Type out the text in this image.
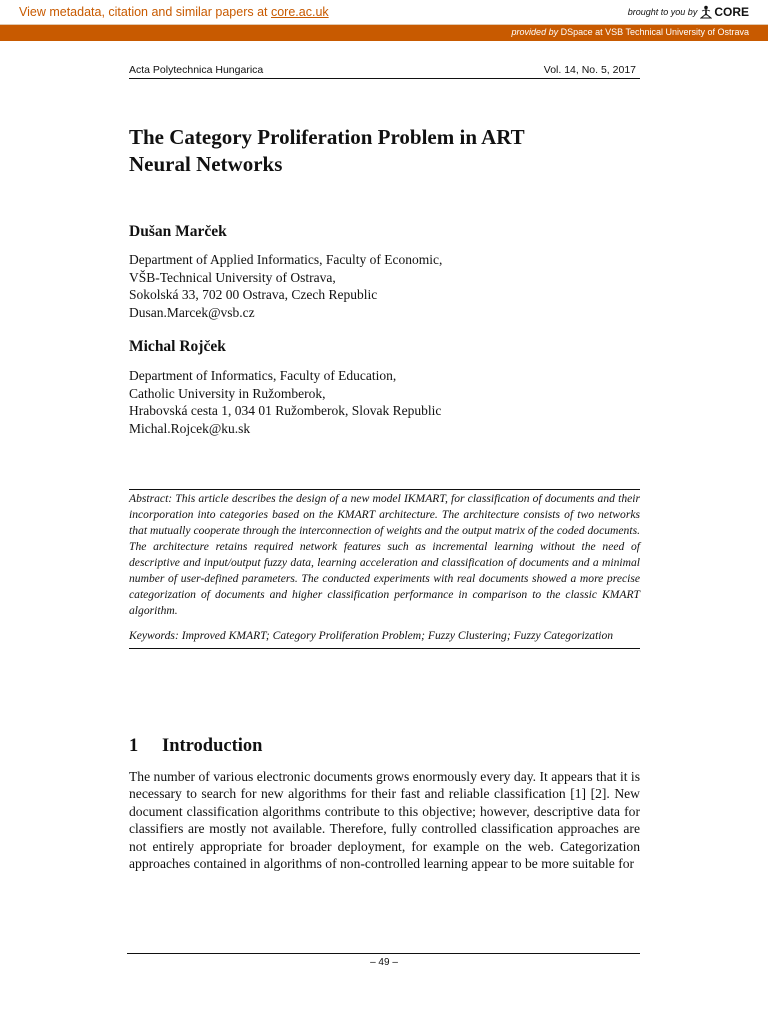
View metadata, citation and similar papers at core.ac.uk	brought to you by CORE
provided by DSpace at VSB Technical University of Ostrava
Acta Polytechnica Hungarica	Vol. 14, No. 5, 2017
The Category Proliferation Problem in ART
Neural Networks
Dušan Marček
Department of Applied Informatics, Faculty of Economic,
VŠB-Technical University of Ostrava,
Sokolská 33, 702 00 Ostrava, Czech Republic
Dusan.Marcek@vsb.cz
Michal Rojček
Department of Informatics, Faculty of Education,
Catholic University in Ružomberok,
Hrabovská cesta 1, 034 01 Ružomberok, Slovak Republic
Michal.Rojcek@ku.sk

Abstract: This article describes the design of a new model IKMART, for classification of documents and their incorporation into categories based on the KMART architecture. The architecture consists of two networks that mutually cooperate through the interconnection of weights and the output matrix of the coded documents. The architecture retains required network features such as incremental learning without the need of descriptive and input/output fuzzy data, learning acceleration and classification of documents and a minimal number of user-defined parameters. The conducted experiments with real documents showed a more precise categorization of documents and higher classification performance in comparison to the classic KMART algorithm.

Keywords: Improved KMART; Category Proliferation Problem; Fuzzy Clustering; Fuzzy Categorization

1 Introduction

The number of various electronic documents grows enormously every day. It appears that it is necessary to search for new algorithms for their fast and reliable classification [1] [2]. New document classification algorithms contribute to this objective; however, descriptive data for classifiers are mostly not available. Therefore, fully controlled classification approaches are not entirely appropriate for broader deployment, for example on the web. Categorization approaches contained in algorithms of non-controlled learning appear to be more suitable for

– 49 –
